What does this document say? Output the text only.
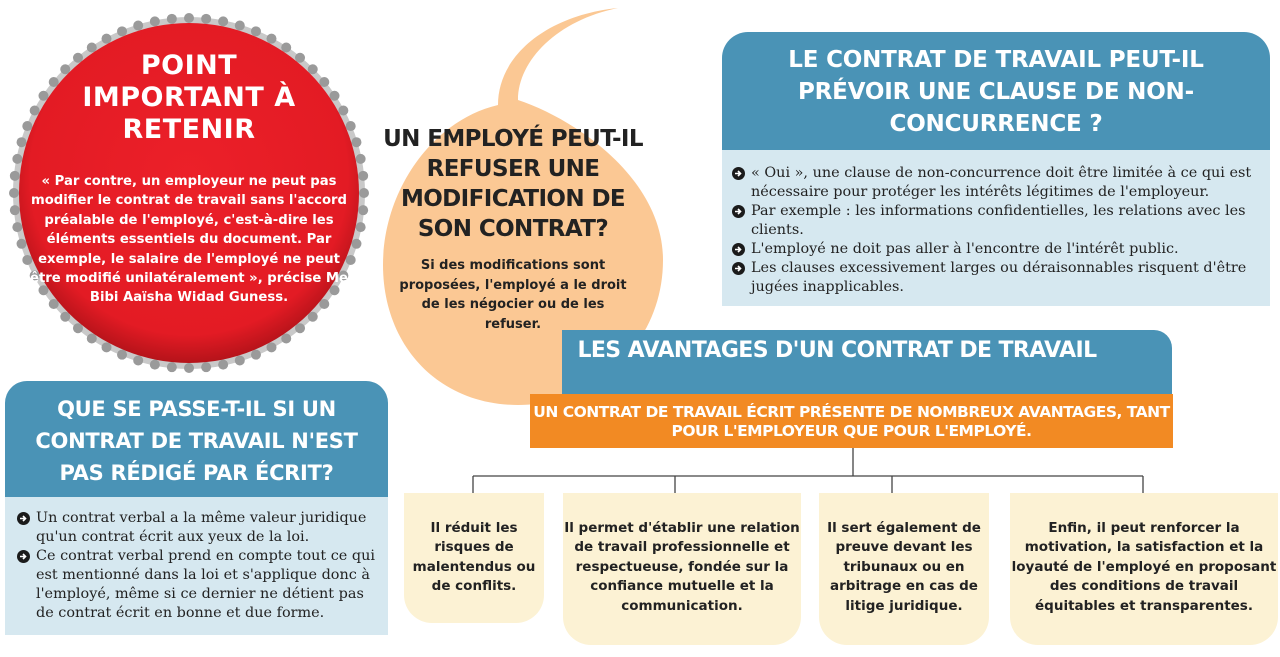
POINT IMPORTANT À RETENIR
« Par contre, un employeur ne peut pas modifier le contrat de travail sans l'accord préalable de l'employé, c'est-à-dire les éléments essentiels du document. Par exemple, le salaire de l'employé ne peut être modifié unilatéralement », précise Me Bibi Aaïsha Widad Guness.
UN EMPLOYÉ PEUT-IL REFUSER UNE MODIFICATION DE SON CONTRAT?
Si des modifications sont proposées, l'employé a le droit de les négocier ou de les refuser.
LE CONTRAT DE TRAVAIL PEUT-IL PRÉVOIR UNE CLAUSE DE NON-CONCURRENCE ?
« Oui », une clause de non-concurrence doit être limitée à ce qui est nécessaire pour protéger les intérêts légitimes de l'employeur.
Par exemple : les informations confidentielles, les relations avec les clients.
L'employé ne doit pas aller à l'encontre de l'intérêt public.
Les clauses excessivement larges ou déraisonnables risquent d'être jugées inapplicables.
QUE SE PASSE-T-IL SI UN CONTRAT DE TRAVAIL N'EST PAS RÉDIGÉ PAR ÉCRIT?
Un contrat verbal a la même valeur juridique qu'un contrat écrit aux yeux de la loi.
Ce contrat verbal prend en compte tout ce qui est mentionné dans la loi et s'applique donc à l'employé, même si ce dernier ne détient pas de contrat écrit en bonne et due forme.
LES AVANTAGES D'UN CONTRAT DE TRAVAIL
UN CONTRAT DE TRAVAIL ÉCRIT PRÉSENTE DE NOMBREUX AVANTAGES, TANT POUR L'EMPLOYEUR QUE POUR L'EMPLOYÉ.
Il réduit les risques de malentendus ou de conflits.
Il permet d'établir une relation de travail professionnelle et respectueuse, fondée sur la confiance mutuelle et la communication.
Il sert également de preuve devant les tribunaux ou en arbitrage en cas de litige juridique.
Enfin, il peut renforcer la motivation, la satisfaction et la loyauté de l'employé en proposant des conditions de travail équitables et transparentes.
